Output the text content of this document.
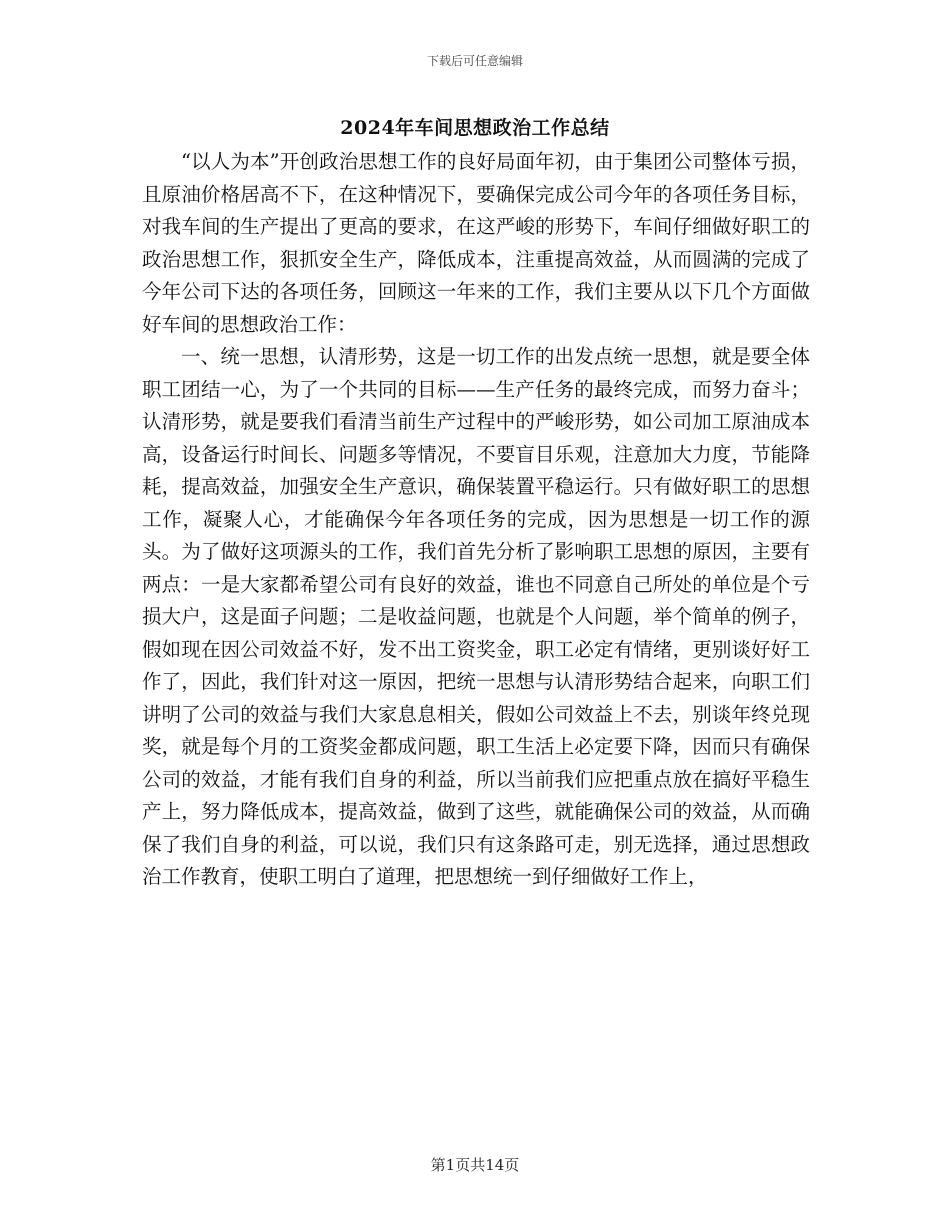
下载后可任意编辑
2024年车间思想政治工作总结

“以人为本”开创政治思想工作的良好局面年初，由于集团公司整体亏损，且原油价格居高不下，在这种情况下，要确保完成公司今年的各项任务目标，对我车间的生产提出了更高的要求，在这严峻的形势下，车间仔细做好职工的政治思想工作，狠抓安全生产，降低成本，注重提高效益，从而圆满的完成了今年公司下达的各项任务，回顾这一年来的工作，我们主要从以下几个方面做好车间的思想政治工作：

一、统一思想，认清形势，这是一切工作的出发点统一思想，就是要全体职工团结一心，为了一个共同的目标——生产任务的最终完成，而努力奋斗；认清形势，就是要我们看清当前生产过程中的严峻形势，如公司加工原油成本高，设备运行时间长、问题多等情况，不要盲目乐观，注意加大力度，节能降耗，提高效益，加强安全生产意识，确保装置平稳运行。只有做好职工的思想工作，凝聚人心，才能确保今年各项任务的完成，因为思想是一切工作的源头。为了做好这项源头的工作，我们首先分析了影响职工思想的原因，主要有两点：一是大家都希望公司有良好的效益，谁也不同意自己所处的单位是个亏损大户，这是面子问题；二是收益问题，也就是个人问题，举个简单的例子，假如现在因公司效益不好，发不出工资奖金，职工必定有情绪，更别谈好好工作了，因此，我们针对这一原因，把统一思想与认清形势结合起来，向职工们讲明了公司的效益与我们大家息息相关，假如公司效益上不去，别谈年终兑现奖，就是每个月的工资奖金都成问题，职工生活上必定要下降，因而只有确保公司的效益，才能有我们自身的利益，所以当前我们应把重点放在搞好平稳生产上，努力降低成本，提高效益，做到了这些，就能确保公司的效益，从而确保了我们自身的利益，可以说，我们只有这条路可走，别无选择，通过思想政治工作教育，使职工明白了道理，把思想统一到仔细做好工作上，

第1页共14页
